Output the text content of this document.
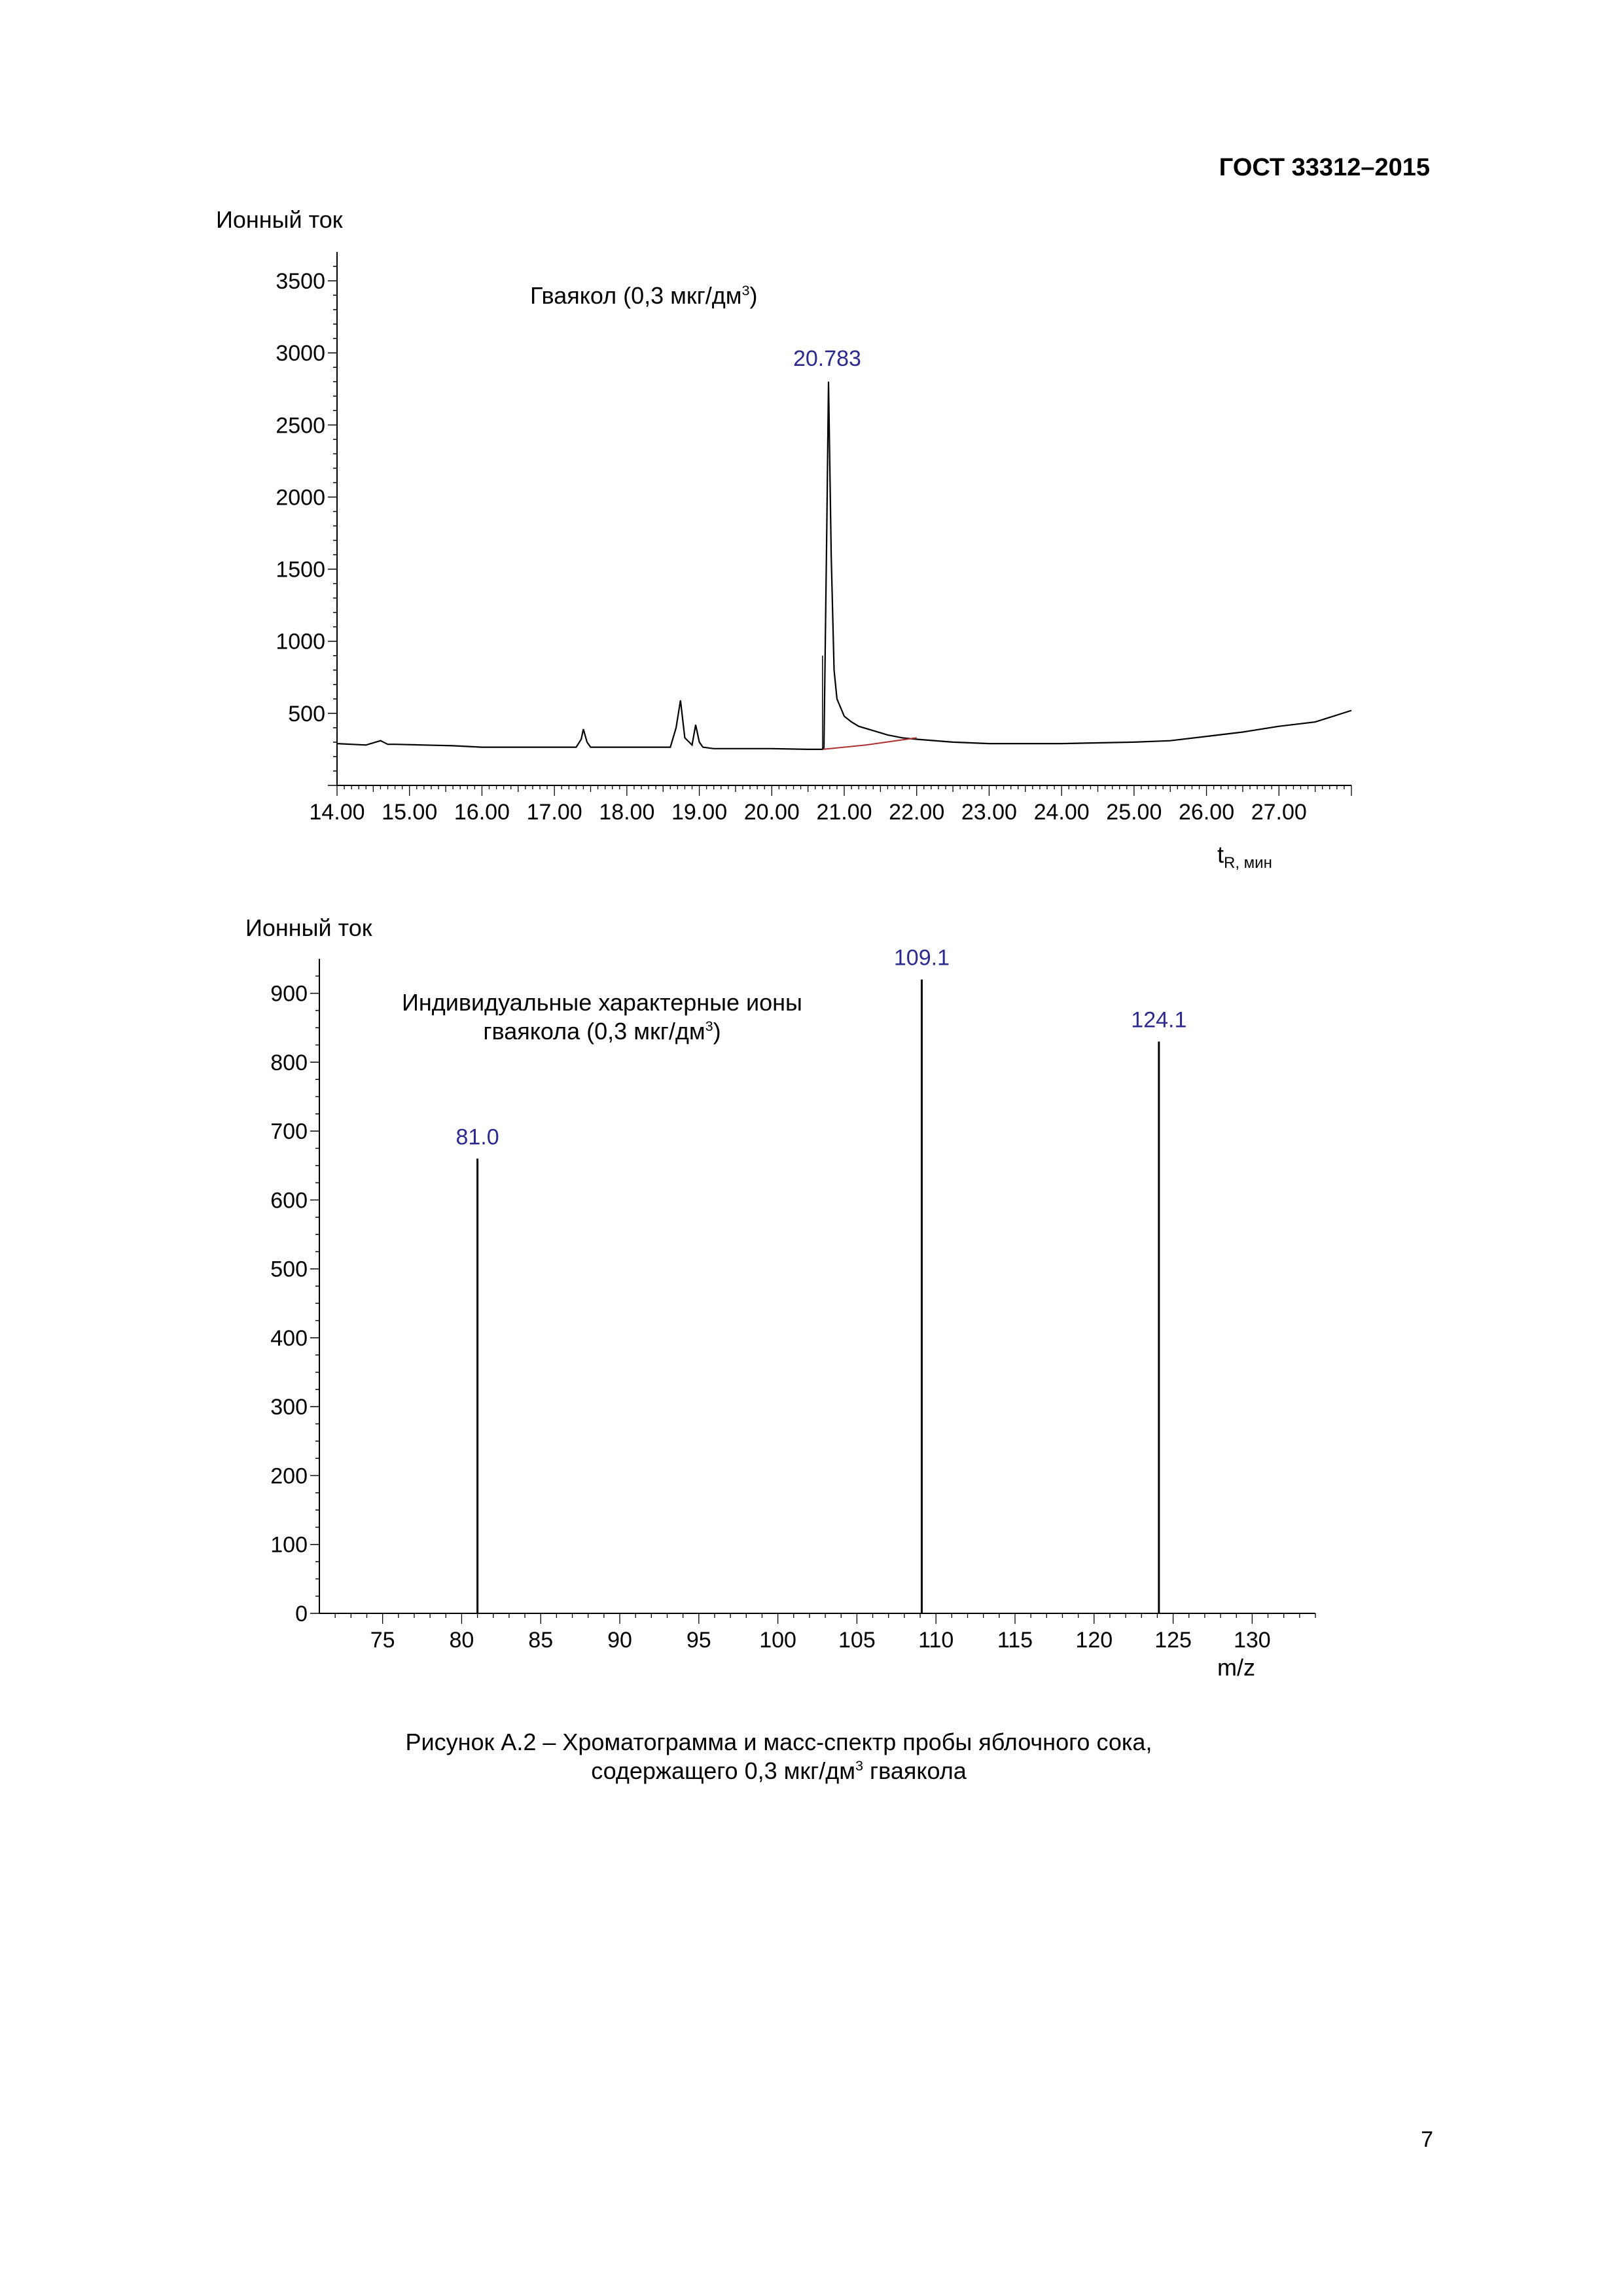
ГОСТ 33312–2015
Гваякол (0,3 мкг/$дм^3$)
Индивидуальные характерные ионы
гваякола (0,3 мкг/$дм^3$)
500
1000
1500
2000
2500
3000
3500
14.00 15.00 16.00 17.00 18.00 19.00 20.00 21.00 22.00 23.00 24.00 25.00 26.00 27.00
Ионный ток
$t_{R, мин}$
20.783
0
100
200
300
400
500
600
700
800
900
75 80 85 90 95 100 105 110 115 120 125 130
Ионный ток
m/z
81.0
109.1
124.1
Рисунок А.2 – Хроматограмма и масс-спектр пробы яблочного сока,
содержащего 0,3 мкг/$дм^3$ гваякола
7
